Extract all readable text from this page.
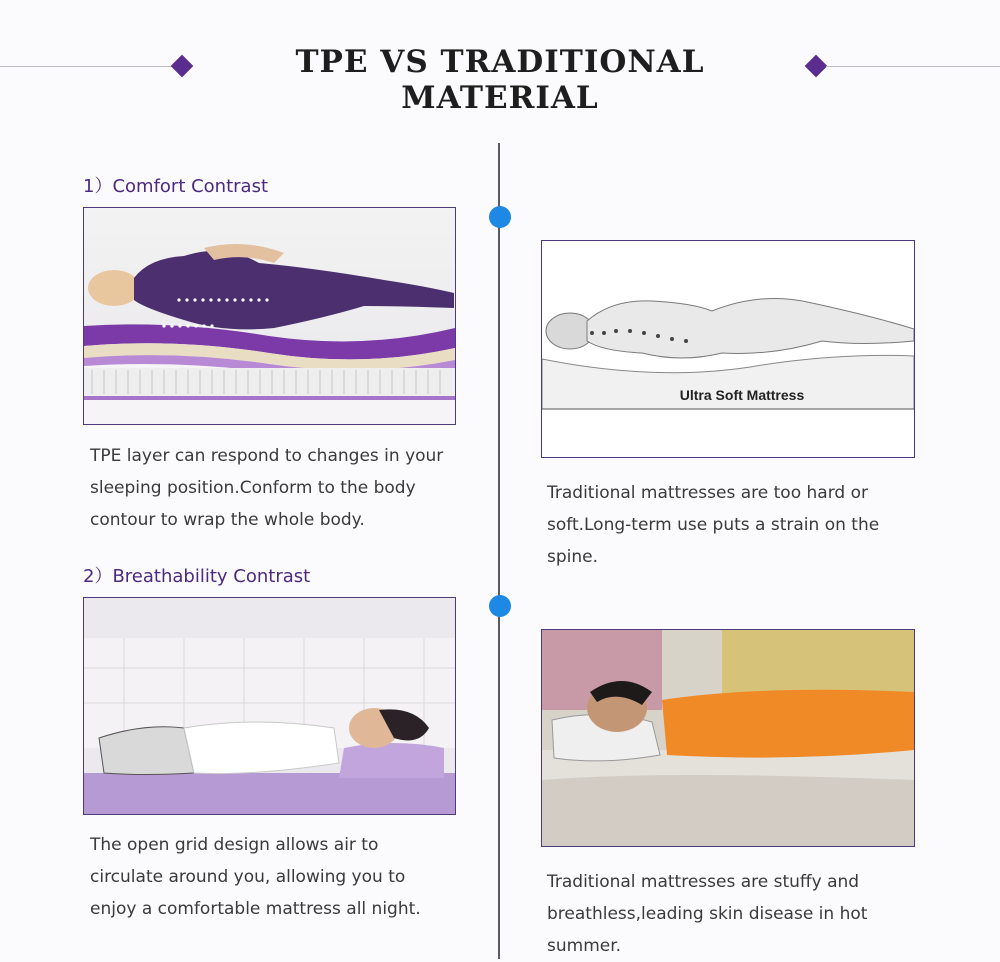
TPE VS TRADITIONAL MATERIAL
1）Comfort Contrast
TPE layer can respond to changes in your sleeping position.Conform to the body contour to wrap the whole body.
Ultra Soft Mattress
Traditional mattresses are too hard or soft.Long-term use puts a strain on the spine.
2）Breathability Contrast
The open grid design allows air to circulate around you, allowing you to enjoy a comfortable mattress all night.
Traditional mattresses are stuffy and breathless,leading skin disease in hot summer.
